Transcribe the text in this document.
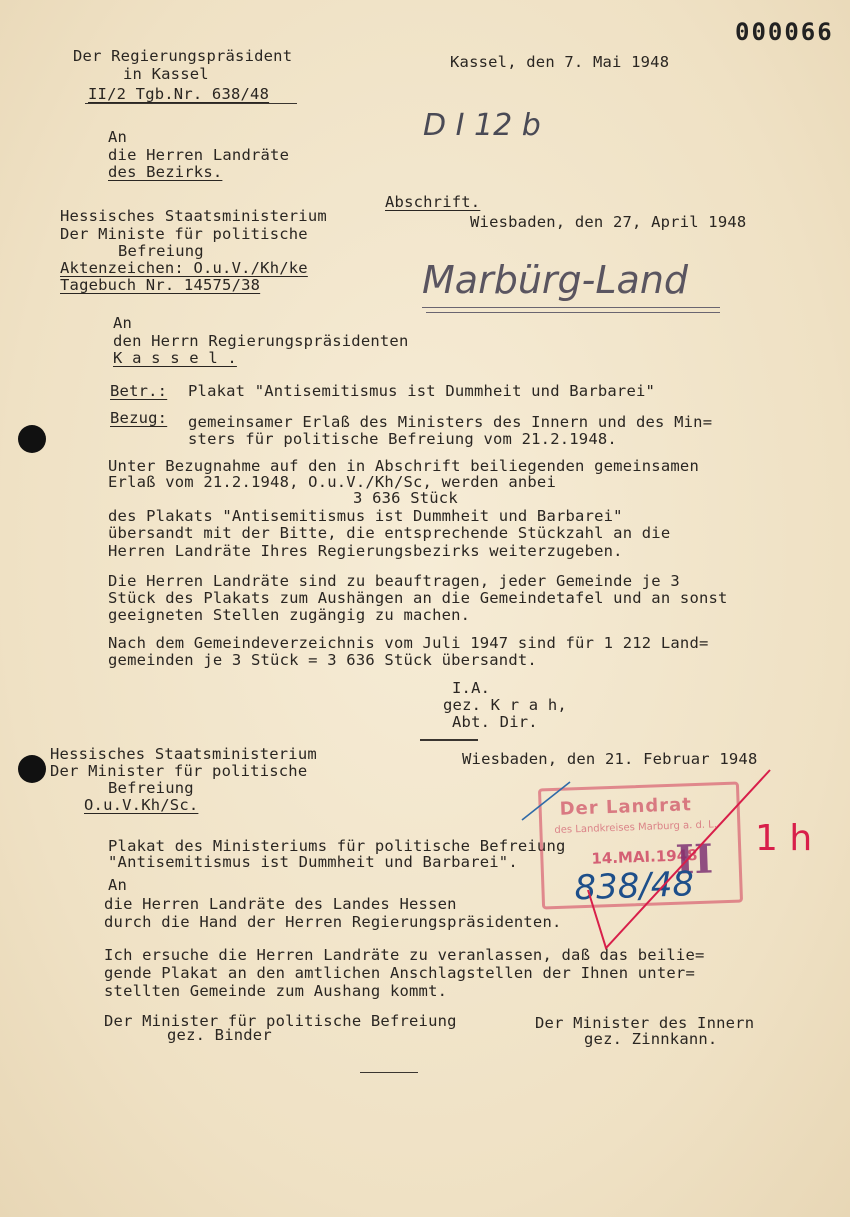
000066
Der Regierungspräsident
in Kassel
II/2 Tgb.Nr. 638/48
Kassel, den 7. Mai 1948
An
die Herren Landräte
des Bezirks.
D I 12 b
Abschrift.
Hessisches Staatsministerium	Wiesbaden, den 27, April 1948
Der Ministe für politische
Befreiung
Aktenzeichen: O.u.V./Kh/ke
Tagebuch Nr. 14575/38	Marbürg-Land
An
den Herrn Regierungspräsidenten
K a s s e l .
Betr.: Plakat "Antisemitismus ist Dummheit und Barbarei"
Bezug: gemeinsamer Erlaß des Ministers des Innern und des Min=
sters für politische Befreiung vom 21.2.1948.
Unter Bezugnahme auf den in Abschrift beiliegenden gemeinsamen
Erlaß vom 21.2.1948, O.u.V./Kh/Sc, werden anbei
3 636 Stück
des Plakats "Antisemitismus ist Dummheit und Barbarei"
übersandt mit der Bitte, die entsprechende Stückzahl an die
Herren Landräte Ihres Regierungsbezirks weiterzugeben.
Die Herren Landräte sind zu beauftragen, jeder Gemeinde je 3
Stück des Plakats zum Aushängen an die Gemeindetafel und an sonst
geeigneten Stellen zugängig zu machen.
Nach dem Gemeindeverzeichnis vom Juli 1947 sind für 1 212 Land=
gemeinden je 3 Stück = 3 636 Stück übersandt.
I.A.
gez. K r a h,
Abt. Dir.
Hessisches Staatsministerium	Wiesbaden, den 21. Februar 1948
Der Minister für politische
Befreiung
O.u.V.Kh/Sc.
Plakat des Ministeriums für politische Befreiung
"Antisemitismus ist Dummheit und Barbarei".
An
die Herren Landräte des Landes Hessen
durch die Hand der Herren Regierungspräsidenten.
Ich ersuche die Herren Landräte zu veranlassen, daß das beilie=
gende Plakat an den amtlichen Anschlagstellen der Ihnen unter=
stellten Gemeinde zum Aushang kommt.
Der Minister für politische Befreiung
gez. Binder
Der Minister des Innern
gez. Zinnkann.
Der Landrat
des Landkreises Marburg a. d. L.
14.MAI.1948
II
838/48
1 h
